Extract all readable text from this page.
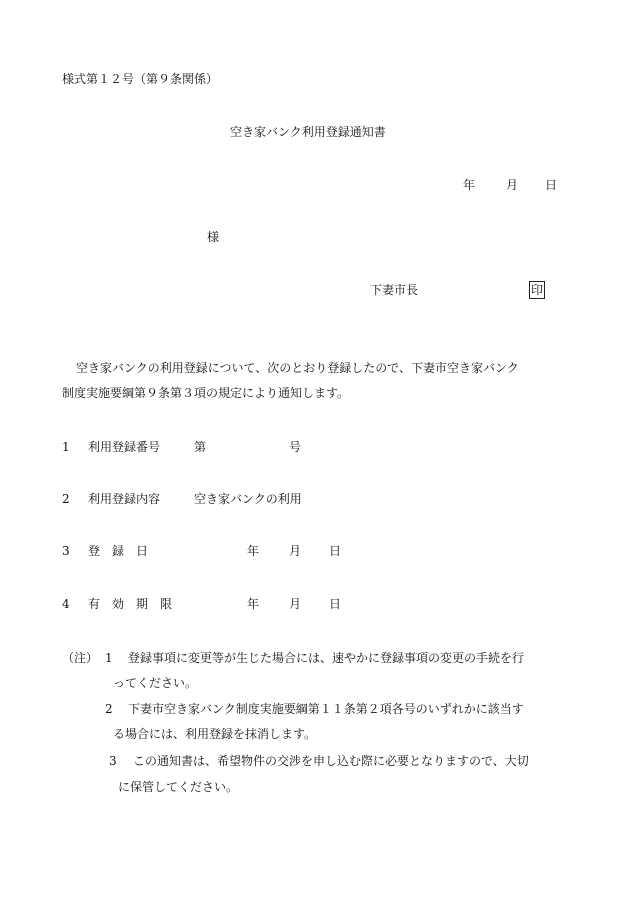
様式第１２号（第９条関係）
空き家バンク利用登録通知書
年	月 日
様
下妻市長	印
空き家バンクの利用登録について、次のとおり登録したので、下妻市空き家バンク
制度実施要綱第９条第３項の規定により通知します。
1 利用登録番号	第	号
2 利用登録内容	空き家バンクの利用
3 登　録　日	年 月 日
4 有　効　期　限	年 月 日
（注） 1 登録事項に変更等が生じた場合には、速やかに登録事項の変更の手続を行
ってください。
2 下妻市空き家バンク制度実施要綱第１１条第２項各号のいずれかに該当す
る場合には、利用登録を抹消します。
3 この通知書は、希望物件の交渉を申し込む際に必要となりますので、大切
に保管してください。
